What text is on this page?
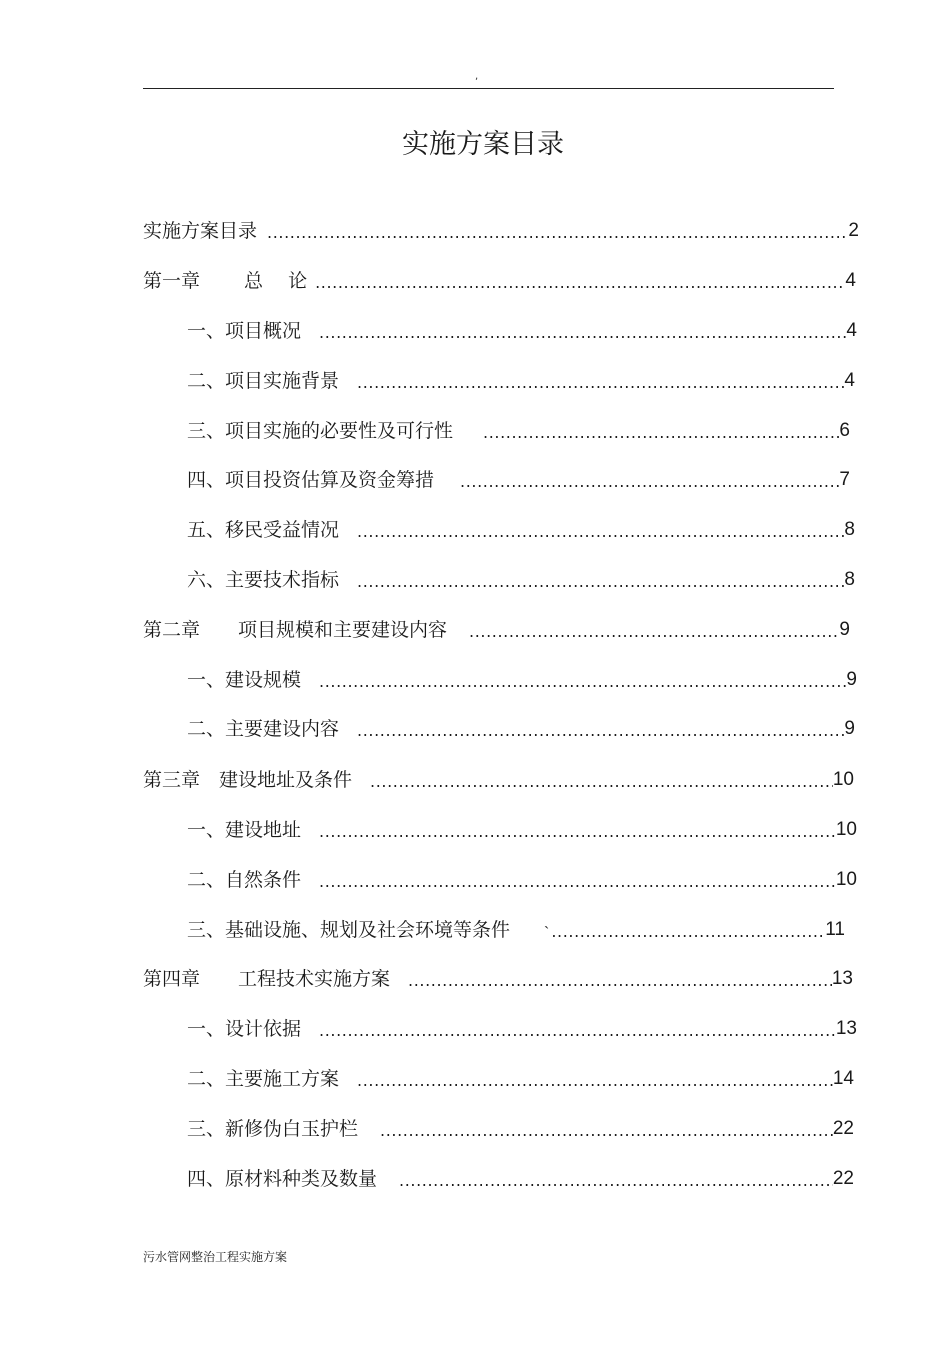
,
实施方案目录
实施方案目录 .....	2
第一章　　 总　 论 .....	4
一、项目概况 .....	4
二、项目实施背景 .....	4
三、项目实施的必要性及可行性 .....	6
四、项目投资估算及资金筹措 .....	7
五、移民受益情况 .....	8
六、主要技术指标 .....	8
第二章　　项目规模和主要建设内容 .....	9
一、建设规模 .....	9
二、主要建设内容 .....	9
第三章　建设地址及条件 .....	10
一、建设地址 .....	10
二、自然条件 .....	10
三、基础设施、规划及社会环境等条件 ` .....	11
第四章　　工程技术实施方案 .....	13
一、设计依据 .....	13
二、主要施工方案 .....	14
三、新修伪白玉护栏 .....	22
四、原材料种类及数量 .....	22
污水管网整治工程实施方案
